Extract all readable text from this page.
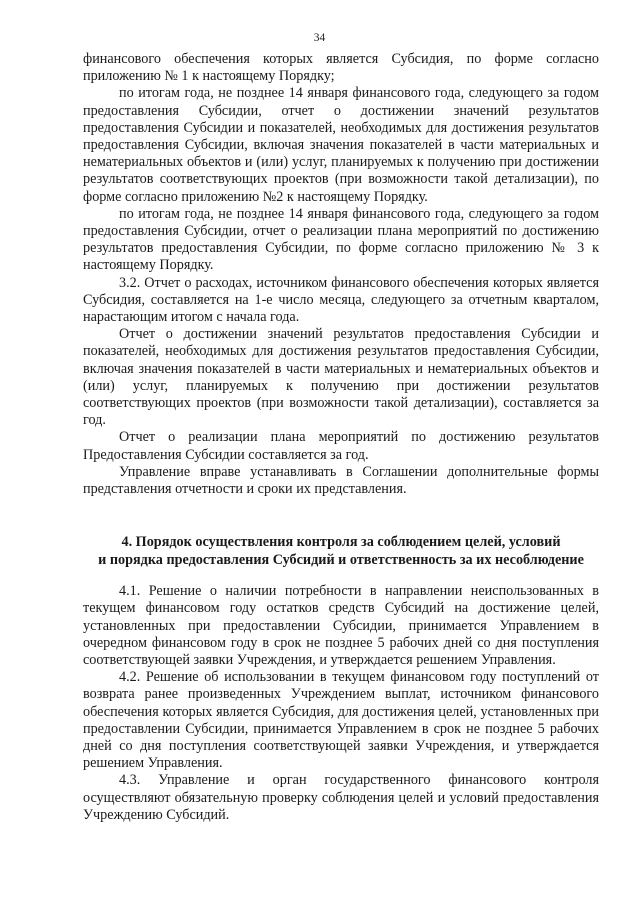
34

финансового обеспечения которых является Субсидия, по форме согласно приложению № 1 к настоящему Порядку;

по итогам года, не позднее 14 января финансового года, следующего за годом предоставления Субсидии, отчет о достижении значений результатов предоставления Субсидии и показателей, необходимых для достижения результатов предоставления Субсидии, включая значения показателей в части материальных и нематериальных объектов и (или) услуг, планируемых к получению при достижении результатов соответствующих проектов (при возможности такой детализации), по форме согласно приложению №2 к настоящему Порядку.

по итогам года, не позднее 14 января финансового года, следующего за годом предоставления Субсидии, отчет о реализации плана мероприятий по достижению результатов предоставления Субсидии, по форме согласно приложению № 3 к настоящему Порядку.

3.2. Отчет о расходах, источником финансового обеспечения которых является Субсидия, составляется на 1-е число месяца, следующего за отчетным кварталом, нарастающим итогом с начала года.

Отчет о достижении значений результатов предоставления Субсидии и показателей, необходимых для достижения результатов предоставления Субсидии, включая значения показателей в части материальных и нематериальных объектов и (или) услуг, планируемых к получению при достижении результатов соответствующих проектов (при возможности такой детализации), составляется за год.

Отчет о реализации плана мероприятий по достижению результатов Предоставления Субсидии составляется за год.

Управление вправе устанавливать в Соглашении дополнительные формы представления отчетности и сроки их представления.

4. Порядок осуществления контроля за соблюдением целей, условий
и порядка предоставления Субсидий и ответственность за их несоблюдение

4.1. Решение о наличии потребности в направлении неиспользованных в текущем финансовом году остатков средств Субсидий на достижение целей, установленных при предоставлении Субсидии, принимается Управлением в очередном финансовом году в срок не позднее 5 рабочих дней со дня поступления соответствующей заявки Учреждения, и утверждается решением Управления.

4.2. Решение об использовании в текущем финансовом году поступлений от возврата ранее произведенных Учреждением выплат, источником финансового обеспечения которых является Субсидия, для достижения целей, установленных при предоставлении Субсидии, принимается Управлением в срок не позднее 5 рабочих дней со дня поступления соответствующей заявки Учреждения, и утверждается решением Управления.

4.3. Управление и орган государственного финансового контроля осуществляют обязательную проверку соблюдения целей и условий предоставления Учреждению Субсидий.
